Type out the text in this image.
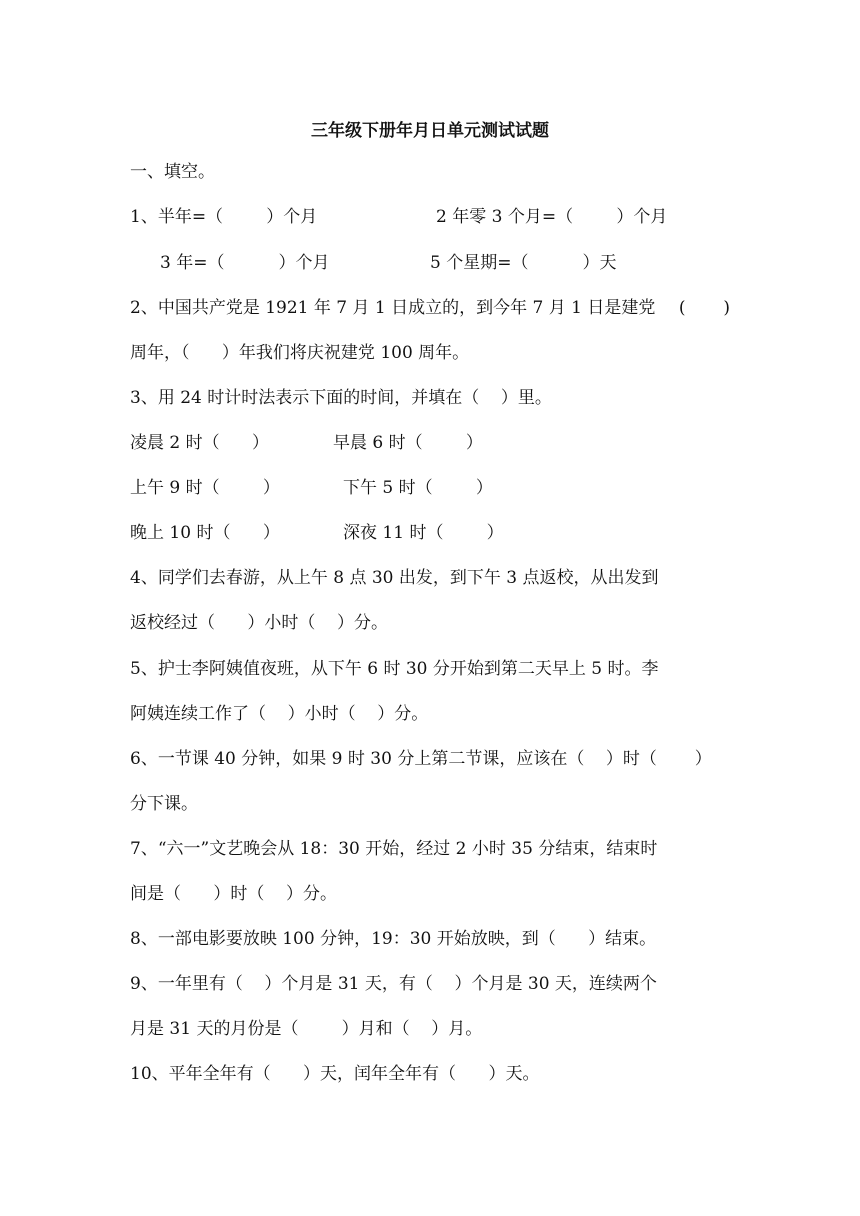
三年级下册年月日单元测试试题
一、填空。
1、半年=（        ）个月	2 年零 3 个月=（        ）个月
3 年=（          ）个月	5 个星期=（          ）天
2、中国共产党是 1921 年 7 月 1 日成立的，到今年 7 月 1 日是建党 (       )
周年，（      ）年我们将庆祝建党 100 周年。
3、用 24 时计时法表示下面的时间，并填在（    ）里。
凌晨 2 时（      ）	早晨 6 时（        ）
上午 9 时（        ）	下午 5 时（        ）
晚上 10 时（      ）	深夜 11 时（        ）
4、同学们去春游，从上午 8 点 30 出发，到下午 3 点返校，从出发到
返校经过（      ）小时（    ）分。
5、护士李阿姨值夜班，从下午 6 时 30 分开始到第二天早上 5 时。李
阿姨连续工作了（    ）小时（    ）分。
6、一节课 40 分钟，如果 9 时 30 分上第二节课，应该在（    ）时（       ）
分下课。
7、“六一”文艺晚会从 18：30 开始，经过 2 小时 35 分结束，结束时
间是（      ）时（    ）分。
8、一部电影要放映 100 分钟，19：30 开始放映，到（      ）结束。
9、一年里有（    ）个月是 31 天，有（    ）个月是 30 天，连续两个
月是 31 天的月份是（        ）月和（    ）月。
10、平年全年有（      ）天，闰年全年有（      ）天。
